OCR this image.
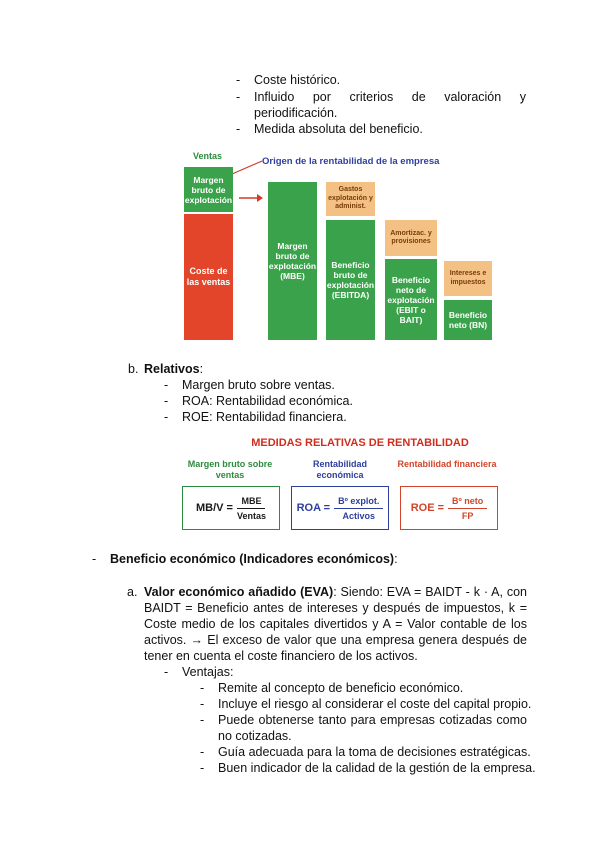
- Coste histórico.
- Influido por criterios de valoración y periodificación.
- Medida absoluta del beneficio.
Ventas	Origen de la rentabilidad de la empresa
Margen bruto de explotación
Coste de las ventas
Margen bruto de explotación (MBE)
Gastos explotación y administ.
Beneficio bruto de explotación (EBITDA)
Amortizac. y provisiones
Beneficio neto de explotación (EBIT o BAIT)
Intereses e impuestos
Beneficio neto (BN)
b. Relativos:
- Margen bruto sobre ventas.
- ROA: Rentabilidad económica.
- ROE: Rentabilidad financiera.
MEDIDAS RELATIVAS DE RENTABILIDAD
Margen bruto sobre ventas
Rentabilidad económica
Rentabilidad financiera
$MB/V = \frac{\text{MBE}}{\text{Ventas}}$	ROA = $\frac{\text{Bº explot.}}{\text{Activos}}$ ROE = $\frac{\text{Bº neto}}{FP}$
- Beneficio económico (Indicadores económicos):
a. Valor económico añadido (EVA): Siendo: EVA = BAIDT - k · A, con BAIDT = Beneficio antes de intereses y después de impuestos, k = Coste medio de los capitales divertidos y A = Valor contable de los activos. → El exceso de valor que una empresa genera después de tener en cuenta el coste financiero de los activos.
- Ventajas:
- Remite al concepto de beneficio económico.
- Incluye el riesgo al considerar el coste del capital propio.
- Puede obtenerse tanto para empresas cotizadas como no cotizadas.
- Guía adecuada para la toma de decisiones estratégicas.
- Buen indicador de la calidad de la gestión de la empresa.
